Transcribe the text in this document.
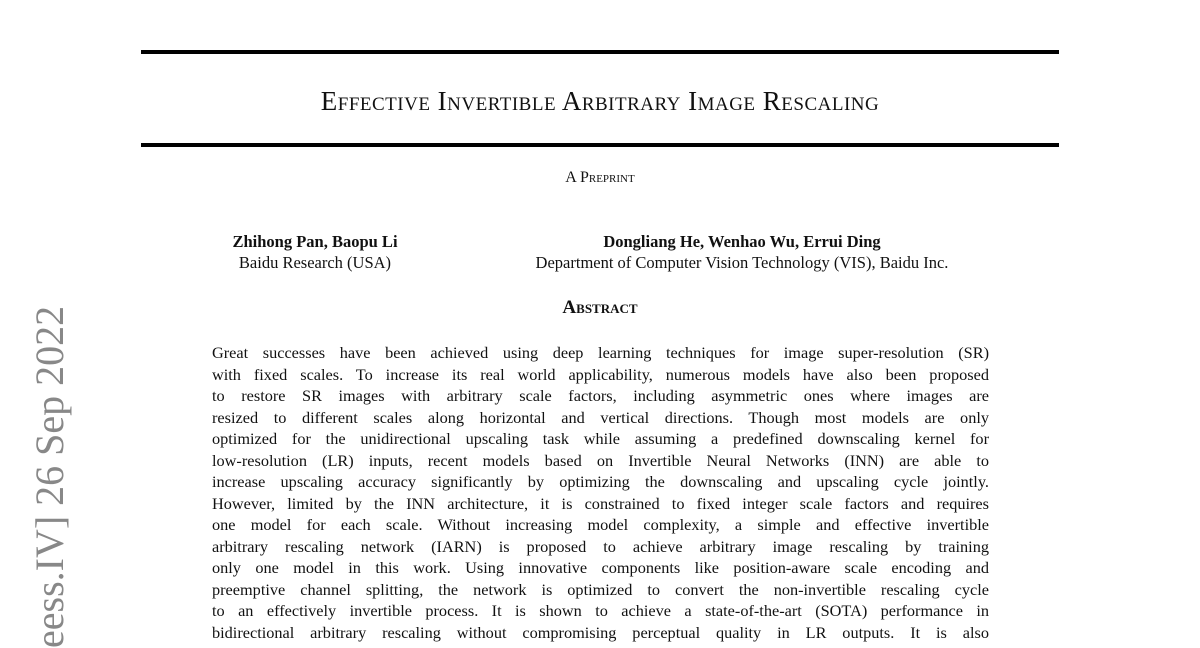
Effective Invertible Arbitrary Image Rescaling
A Preprint
Zhihong Pan, Baopu Li
Baidu Research (USA)
Dongliang He, Wenhao Wu, Errui Ding
Department of Computer Vision Technology (VIS), Baidu Inc.
Abstract
Great successes have been achieved using deep learning techniques for image super-resolution (SR)
with fixed scales. To increase its real world applicability, numerous models have also been proposed
to restore SR images with arbitrary scale factors, including asymmetric ones where images are
resized to different scales along horizontal and vertical directions. Though most models are only
optimized for the unidirectional upscaling task while assuming a predefined downscaling kernel for
low-resolution (LR) inputs, recent models based on Invertible Neural Networks (INN) are able to
increase upscaling accuracy significantly by optimizing the downscaling and upscaling cycle jointly.
However, limited by the INN architecture, it is constrained to fixed integer scale factors and requires
one model for each scale. Without increasing model complexity, a simple and effective invertible
arbitrary rescaling network (IARN) is proposed to achieve arbitrary image rescaling by training
only one model in this work. Using innovative components like position-aware scale encoding and
preemptive channel splitting, the network is optimized to convert the non-invertible rescaling cycle
to an effectively invertible process. It is shown to achieve a state-of-the-art (SOTA) performance in
bidirectional arbitrary rescaling without compromising perceptual quality in LR outputs. It is also
eess.IV] 26 Sep 2022
